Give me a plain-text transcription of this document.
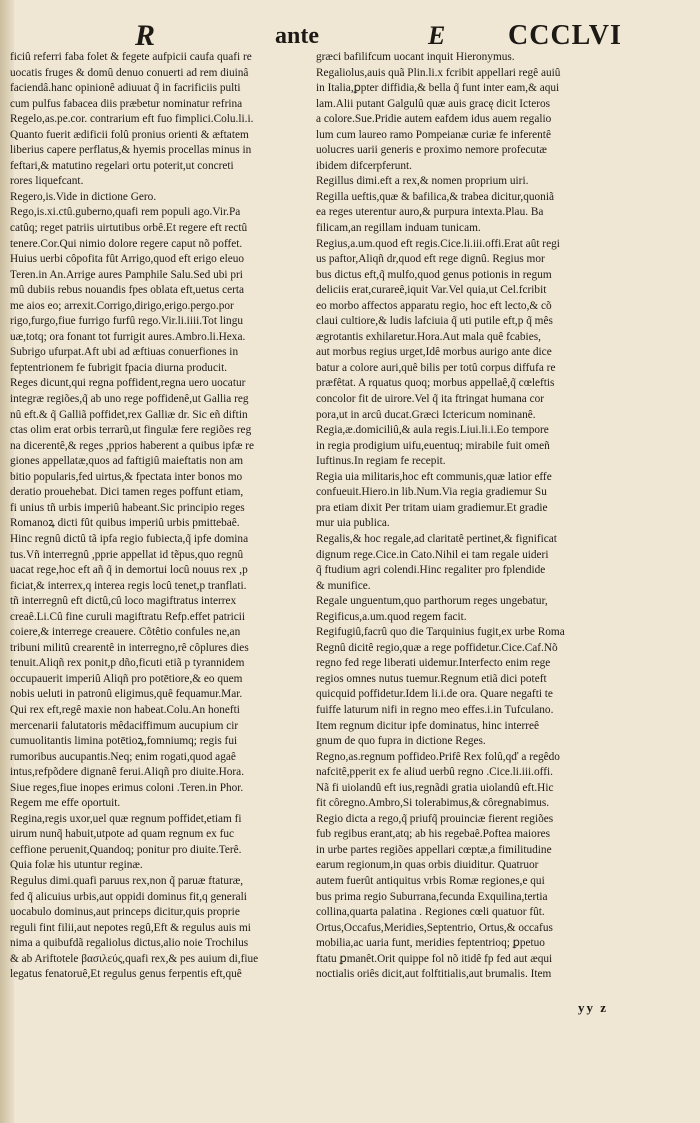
R	ante	E CCCLVI
ficiû referri faba folet & fegete aufpicii caufa quafi re
uocatis fruges & domû denuo conuerti ad rem diuinâ
faciendâ.hanc opinionê adiuuat q̃ in facrificiis pulti
cum pulfus fabacea diis præbetur nominatur refrina
Regelo,as.pe.cor. contrarium eft fuo fimplici.Colu.li.i.
Quanto fuerit ædificii folû pronius orienti & æftatem
liberius capere perflatus,& hyemis procellas minus in
feftari,& matutino regelari ortu poterit,ut concreti
rores liquefcant.
Regero,is.Vide in dictione Gero.
Rego,is.xi.ctû.guberno,quafi rem populi ago.Vir.Pa
catûq; reget patriis uirtutibus orbê.Et regere eft rectû
tenere.Cor.Qui nimio dolore regere caput nõ poffet.
Huius uerbi côpofita fût Arrigo,quod eft erigo eleuo
Teren.in An.Arrige aures Pamphile Salu.Sed ubi pri
mû dubiis rebus nouandis fpes oblata eft,uetus certa
me aios eo; arrexit.Corrigo,dirigo,erigo.pergo.por
rigo,furgo,fiue furrigo furfû rego.Vir.li.iiii.Tot lingu
uæ,totq; ora fonant tot furrigit aures.Ambro.li.Hexa.
Subrigo ufurpat.Aft ubi ad æftiuas conuerfiones in
feptentrionem fe fubrigit fpacia diurna producit.
Reges dicunt,qui regna poffident,regna uero uocatur
integræ regiões,q̃ ab uno rege poffidenê,ut Gallia reg
nû eft.& q̃ Galliã poffidet,rex Galliæ dr. Sic eñ diftin
ctas olim erat orbis terrarũ,ut fingulæ fere regiões reg
na dicerentê,& reges ,pprios haberent a quibus ipfæ re
giones appellatæ,quos ad faftigiû maieftatis non am
bitio popularis,fed uirtus,& fpectata inter bonos mo
deratio prouehebat. Dici tamen reges poffunt etiam,
fi unius tñ urbis imperiû habeant.Sic principio reges
Romanoꝝ dicti fût quibus imperiû urbis pmittebaê.
Hinc regnû dictû tã ipfa regio fubiecta,q̃ ipfe domina
tus.Vñ interregnû ,pprie appellat id tẽpus,quo regnû
uacat rege,hoc eft añ q̃ in demortui locû nouus rex ,p
ficiat,& interrex,q interea regis locû tenet,p tranflati.
tñ interregnû eft dictû,cû loco magiftratus interrex
creaê.Li.Cû fine curuli magiftratu Refp.effet patricii
coiere,& interrege creauere. Cõtêtio confules ne,an
tribuni militû crearentê in interregno,rê côplures dies
tenuit.Aliqñ rex ponit,p dño,ficuti etiã p tyrannidem
occupauerit imperiû Aliqñ pro potētiore,& eo quem
nobis ueluti in patronû eligimus,quê fequamur.Mar.
Qui rex eft,regê maxie non habeat.Colu.An honefti
mercenarii falutatoris mêdaciffimum aucupium cir
cumuolitantis limina potētioꝝ,fomniumq; regis fui
rumoribus aucupantis.Neq; enim rogati,quod agaê
intus,refpõdere dignanê ferui.Aliqñ pro diuite.Hora.
Siue reges,fiue inopes erimus coloni .Teren.in Phor.
Regem me effe oportuit.
Regina,regis uxor,uel quæ regnum poffidet,etiam fi
uirum nunq̃ habuit,utpote ad quam regnum ex fuc
ceffione peruenit,Quandoq; ponitur pro diuite.Terê.
Quia folæ his utuntur reginæ.
Regulus dimi.quafi paruus rex,non q̃ paruæ ftaturæ,
fed q̃ alicuius urbis,aut oppidi dominus fit,q generali
uocabulo dominus,aut princeps dicitur,quis proprie
reguli fint filii,aut nepotes regû,Eft & regulus auis mi
nima a quibufdã regaliolus dictus,alio noie Trochilus
& ab Ariftotele βασιλεύς,quafi rex,& pes auium di,fiue
legatus fenatoruê,Et regulus genus ferpentis eft,quê
græci bafilifcum uocant inquit Hieronymus.
Regaliolus,auis quã Plin.li.x fcribit appellari regê auiû
in Italia,ꝑpter diffidia,& bella q̃ funt inter eam,& aqui
lam.Alii putant Galgulû quæ auis gracę dicit Icteros
a colore.Sue.Pridie autem eafdem idus auem regalio
lum cum laureo ramo Pompeianæ curiæ fe inferentê
uolucres uarii generis e proximo nemore profecutæ
ibidem difcerpferunt.
Regillus dimi.eft a rex,& nomen proprium uiri.
Regilla ueftis,quæ & bafilica,& trabea dicitur,quoniã
ea reges uterentur auro,& purpura intexta.Plau. Ba
filicam,an regillam induam tunicam.
Regius,a.um.quod eft regis.Cice.li.iii.offi.Erat aût regi
us paftor,Aliqñ dr,quod eft rege dignû. Regius mor
bus dictus eft,q̃ mulfo,quod genus potionis in regum
deliciis erat,curareê,iquit Var.Vel quia,ut Cel.fcribit
eo morbo affectos apparatu regio, hoc eft lecto,& cõ
claui cultiore,& ludis lafciuia q̃ uti putile eft,p q̃ mês
ægrotantis exhilaretur.Hora.Aut mala quê fcabies,
aut morbus regius urget,Idê morbus aurigo ante dice
batur a colore auri,quê bilis per totû corpus diffufa re
præfêtat. A rquatus quoq; morbus appellaê,q̃ cœleftis
concolor fit de uirore.Vel q̃ ita ftringat humana cor
pora,ut in arcû ducat.Græci Ictericum nominanê.
Regia,æ.domiciliû,& aula regis.Liui.li.i.Eo tempore
in regia prodigium uifu,euentuq; mirabile fuit omeñ
Iuftinus.In regiam fe recepit.
Regia uia militaris,hoc eft communis,quæ latior effe
confueuit.Hiero.in lib.Num.Via regia gradiemur Su
pra etiam dixit Per tritam uiam gradiemur.Et gradie
mur uia publica.
Regalis,& hoc regale,ad claritatê pertinet,& fignificat
dignum rege.Cice.in Cato.Nihil ei tam regale uideri
q̃ ftudium agri colendi.Hinc regaliter pro fplendide
& munifice.
Regale unguentum,quo parthorum reges ungebatur,
Regificus,a.um.quod regem facit.
Regifugiû,facrû quo die Tarquinius fugit,ex urbe Roma
Regnû dicitê regio,quæ a rege poffidetur.Cice.Caf.Nõ
regno fed rege liberati uidemur.Interfecto enim rege
regios omnes nutus tuemur.Regnum etiã dici poteft
quicquid poffidetur.Idem li.i.de ora. Quare negafti te
fuiffe laturum nifi in regno meo effes.i.in Tufculano.
Item regnum dicitur ipfe dominatus, hinc interreê
gnum de quo fupra in dictione Reges.
Regno,as.regnum poffideo.Prifê Rex folû,qď a regêdo
nafcitê,pperit ex fe aliud uerbû regno .Cice.li.iii.offi.
Nã fi uiolandû eft ius,regnãdi gratia uiolandû eft.Hic
fit côregno.Ambro,Si tolerabimus,& côregnabimus.
Regio dicta a rego,q̃ priufq̃ prouinciæ fierent regiões
fub regibus erant,atq; ab his regebaê.Poftea maiores
in urbe partes regiões appellari cœptæ,a fimilitudine
earum regionum,in quas orbis diuiditur. Quatruor
autem fuerût antiquitus vrbis Romæ regiones,e qui
bus prima regio Suburrana,fecunda Exquilina,tertia
collina,quarta palatina . Regiones cœli quatuor fût.
Ortus,Occafus,Meridies,Septentrio, Ortus,& occafus
mobilia,ac uaria funt, meridies feptentrioq; ꝑpetuo
ftatu ꝑmanêt.Orit quippe fol nõ itidê fp fed aut æqui
noctialis oriês dicit,aut folftitialis,aut brumalis. Item
yy z
